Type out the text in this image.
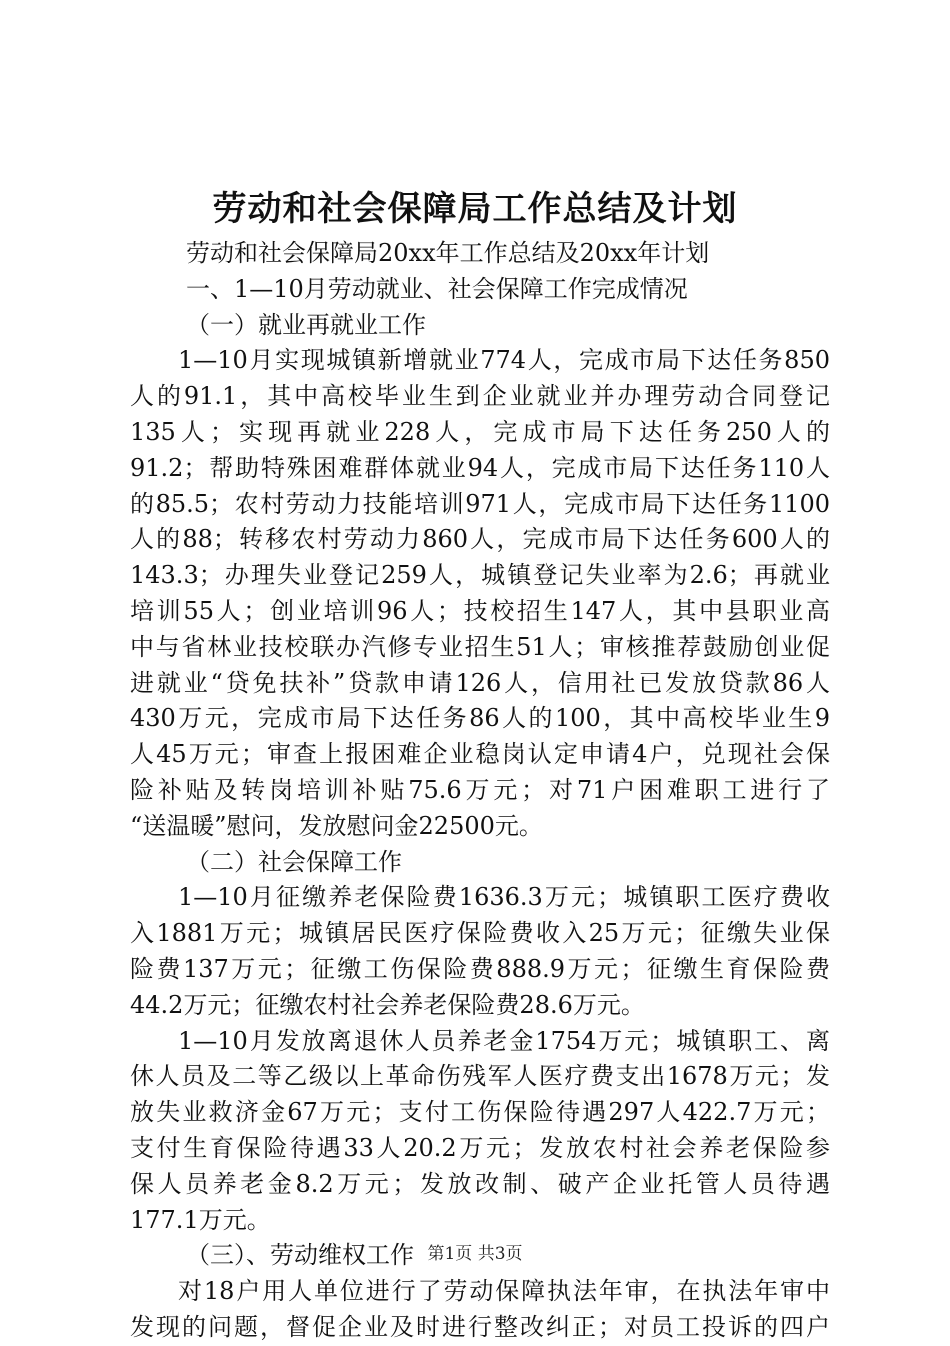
劳动和社会保障局工作总结及计划
劳动和社会保障局20xx年工作总结及20xx年计划
一、1—10月劳动就业、社会保障工作完成情况
（一）就业再就业工作
1—10月实现城镇新增就业774人，完成市局下达任务850
人的91.1，其中高校毕业生到企业就业并办理劳动合同登记
135人；实现再就业228人，完成市局下达任务250人的
91.2；帮助特殊困难群体就业94人，完成市局下达任务110人
的85.5；农村劳动力技能培训971人，完成市局下达任务1100
人的88；转移农村劳动力860人，完成市局下达任务600人的
143.3；办理失业登记259人，城镇登记失业率为2.6；再就业
培训55人；创业培训96人；技校招生147人，其中县职业高
中与省林业技校联办汽修专业招生51人；审核推荐鼓励创业促
进就业“贷免扶补”贷款申请126人，信用社已发放贷款86人
430万元，完成市局下达任务86人的100，其中高校毕业生9
人45万元；审查上报困难企业稳岗认定申请4户，兑现社会保
险补贴及转岗培训补贴75.6万元；对71户困难职工进行了
“送温暖”慰问，发放慰问金22500元。
（二）社会保障工作
1—10月征缴养老保险费1636.3万元；城镇职工医疗费收
入1881万元；城镇居民医疗保险费收入25万元；征缴失业保
险费137万元；征缴工伤保险费888.9万元；征缴生育保险费
44.2万元；征缴农村社会养老保险费28.6万元。
1—10月发放离退休人员养老金1754万元；城镇职工、离
休人员及二等乙级以上革命伤残军人医疗费支出1678万元；发
放失业救济金67万元；支付工伤保险待遇297人422.7万元；
支付生育保险待遇33人20.2万元；发放农村社会养老保险参
保人员养老金8.2万元；发放改制、破产企业托管人员待遇
177.1万元。
（三）、劳动维权工作
对18户用人单位进行了劳动保障执法年审，在执法年审中
发现的问题，督促企业及时进行整改纠正；对员工投诉的四户
第1页 共3页
